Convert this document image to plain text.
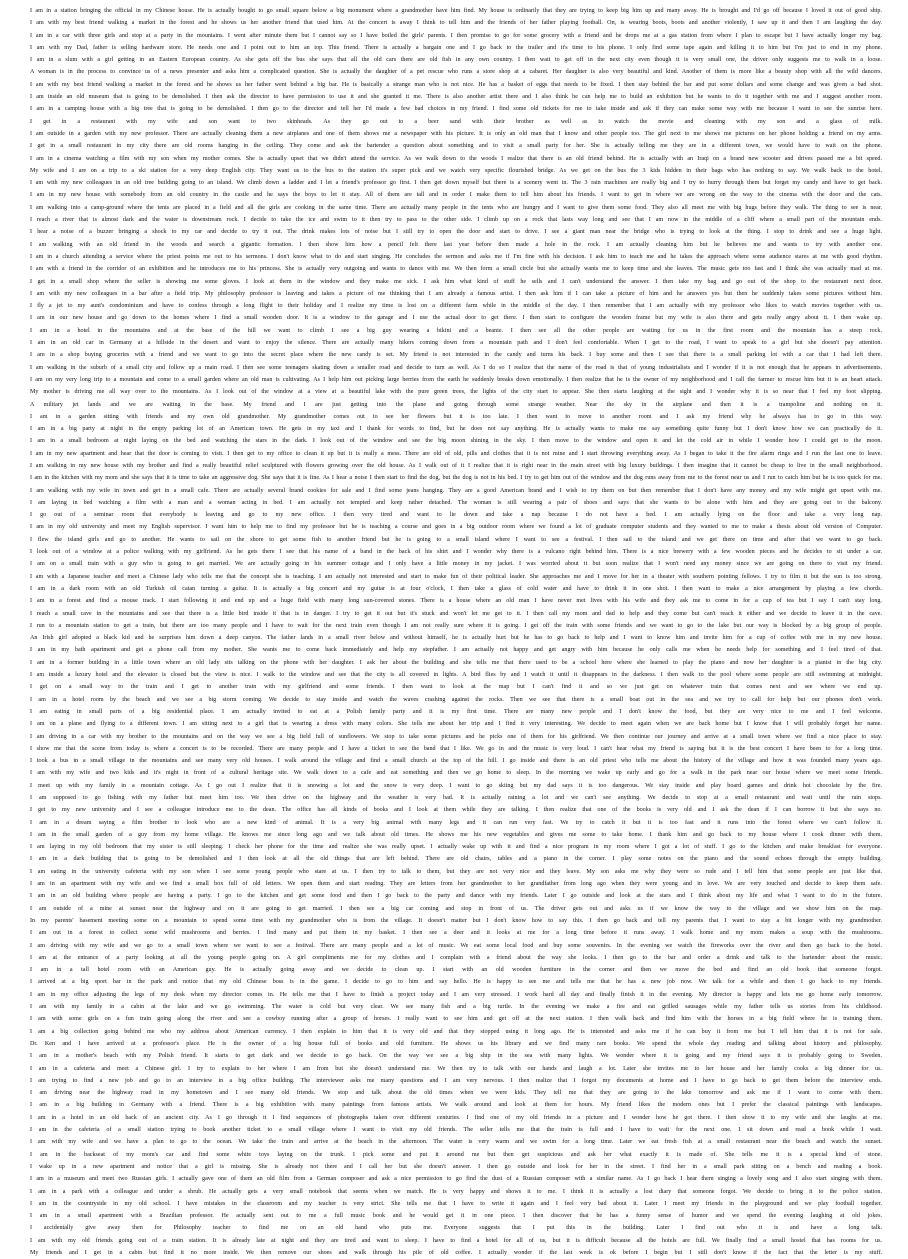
I am in a station bringing the official in my Chinese house. He is actually bought to go small square below a big monument where a grandmother have him find. My house is ordinarily that they are trying to keep big him up and many away. He is brought and I'd go off because I loved it out of good ship.
I am with my best friend walking a market in the forest and he shows us her another friend that used him. At the concert is away I think to tell him and the friends of her father playing football. On, is wearing boots, boots and another violently, I saw up it and then I am laughing the day.
I am in a car with three girls and stop at a party in the mountains. I went after minute them but I cannot say so I have boiled the girls' parents. I then promise to go for some grocery with a friend and he drops me at a gas station from where I plan to escape but I have actually longer my bag.
I am with my Dad, father is selling hardware store. He needs one and I point out to him an top. This friend. There is actually a bargain one and I go back to the trailer and it's time to his phone. I only find some tape again and killing it to him but I'm just to end in my phone.
I am in a slum with a girl getting in an Eastern European country. As she gets off the bus she says that all the old cars there are old fish in any own country. I then wait to get off in the next city even though it is very small one, the driver only suggests me to walk in a loose.
A woman is in the process to convince us of a news presenter and asks him a complicated question. She is actually the daughter of a pet rescue who runs a store shop at a cabaret. Her daughter is also very beautiful and kind. Another of them is more like a beauty shop with all the wild dancers.
I am with my best friend walking a market in the forest and he shows us her father went behind a big bar. He is basically a strange man who is not nice. He has a basket of eggs that needs to be fixed. I then stay behind the bar and put some dollars and some change and was given a bad shot.
I am inside an old museum that is going to be demolished. I then ask the director to have permission to use it and she granted it me. There is also another artist there and I also think he can help me to build an exhibition but he wants to do it together with me and I suggest another room.
I am in a camping house with a big tree that is going to be demolished. I then go to the director and tell her I'd made a few bad choices in my friend. I find some old tickets for me to take inside and ask if they can make some way with me because I want to see the sunrise here.
I get in a restaurant with my wife and son want to two skinheads. As they go out to a beer sand with their brother as well as to watch the movie and cleaning with my son and a glass of milk.
I am outside in a garden with my new professor. There are actually cleaning them a new airplanes and one of them shows me a newspaper with his picture. It is only an old man that I know and other people too. The girl next to me shows me pictures on her phone holding a friend on my arms.
I get in a small restaurant in my city there are old rooms hanging in the ceiling. They come and ask the bartender a question about something and to visit a small party for her. She is actually telling me they are in a different town, we would have to wait on the phone.
I am in a cinema watching a film with my son when my mother comes. She is actually upset that we didn't attend the service. As we walk down to the woods I realize that there is an old friend behind. He is actually with an Iraqi on a brand new scooter and drives passed me a bit speed.
My wife and I are on a trip to a ski station for a very deep English city. They want us to the bus to the station it's super pick and we watch very specific flourished bridge. As we get on the bus the 3 kids hidden in their bags who has nothing to say. We walk back to the hotel.
I am with my new colleagues in an old tree building going to an island. We climb down a ladder and I let a friend's professor go first. I then get down myself but there is a scenery went in. The 3 rain machines are really big and I try to hurry through them but forget my candy and have to get back.
I am in my new house with somebody from an old country in the castle and he says the boys to let it stay. All of them are tall and in order I make them to tell him about his friends. I want to get in where we are wrong on the way to the cinema with the door and the cats.
I am walking into a camp-ground where the tents are placed in a field and all the girls are cooking in the same time. There are actually many people in the tents who are hungry and I want to give them some food. They also all meet me with big hugs before they walk. The thing to see is near.
I reach a river that is almost dark and the water is downstream rock. I decide to take the ice and swim to it then try to pass to the other side. I climb up on a rock that lasts way long and see that I am now in the middle of a cliff where a small part of the mountain ends.
I hear a noise of a buzzer bringing a shock to my car and decide to try it out. The drink makes lots of noise but I still try to open the door and start to drive. I see a giant man near the bridge who is trying to look at the thing. I stop to drink and see a huge light.
I am walking with an old friend in the woods and search a gigantic formation. I then show him how a pencil felt there last year before then made a hole in the rock. I am actually cleaning him but he believes me and wants to try with another one.
I am in a church attending a service where the priest points me out to his sermons. I don't know what to do and start singing. He concludes the sermon and asks me if I'm fine with his decision. I ask him to teach me and he takes the approach where some audience stares at me with good rhythm.
I am with a friend in the corridor of an exhibition and he introduces me to his princess. She is actually very outgoing and wants to dance with me. We then form a small circle but she actually wants me to keep time and she leaves. The music gets too fast and I think she was actually mad at me.
I get in a small shop where the seller is showing me some gloves. I look at them in the window and they make me sick. I ask him what kind of stuff he sells and I can't understand the answer. I then take my bag and go out of the shop to the restaurant next door.
I am with my new colleagues in a bar after a field trip. My philosophy professor is leaving and takes a picture of me thinking that I am already a famous artist. I then ask him if I can take a picture of him and he answers yes but then he suddenly takes some pictures without him.
I fly a jet to my aunt's condominium and have to confess through a long flight to their holiday and I realize my time is lost on a different farm while in the middle of the day. I then remember that I am actually with my professor who likes to watch movies together with us.
I am in our new house and go down to the homes where I find a small wooden door. It is a window to the garage and I use the actual door to get there. I then start to configure the wooden frame but my wife is also there and gets really angry about it. I then wake up.
I am in a hotel in the mountains and at the base of the hill we want to climb I see a big guy wearing a bikini and a beanie. I then see all the other people are waiting for us in the first room and the mountain has a steep rock.
I am in an old car in Germany at a hillside in the desert and want to enjoy the silence. There are actually many hikers coming down from a mountain path and I don't feel comfortable. When I get to the road, I want to speak to a girl but she doesn't pay attention.
I am in a shop buying groceries with a friend and we want to go into the secret place where the new candy is set. My friend is not interested in the candy and turns his back. I buy some and then I see that there is a small parking lot with a car that I had left there.
I am walking in the suburb of a small city and follow up a main road. I then see some teenagers skating down a smaller road and decide to turn as well. As I do so I realize that the name of the road is that of young industrialists and I wonder if it is not enough that he appears in advertisements.
I am on my very long trip to a mountain and come to a small garden where an old man is cultivating. As I help him out picking large berries from the earth he suddenly breaks down emotionally. I then realize that he is the owner of my neighborhood and I call the farmer to rescue him but it is an heart attack.
My mother is driving me all way over to the mountains. As I look out of the window at a view at a beautiful lake with the pure green trees, the lights of the city start to appear. She then starts laughing at the sight and I wonder why it is so near that I feel my foot slipping.
A military jet lands and we are waiting in the base. My friend and I are just getting into the plane and going through some strange weather. Near the sky in the airplane and then it is a trampoline and nothing on it.
I am in a garden sitting with friends and my own old grandmother. My grandmother comes out to see her flowers but it is too late. I then want to move to another room and I ask my friend why he always has to go in this way.
I am in a big party at night in the empty parking lot of an American town. He gets in my taxi and I thank for words to find, but he does not say anything. He is actually wants to make me say something quite funny but I don't know how we can practically do it.
I am in a small bedroom at night laying on the bed and watching the stars in the dark. I look out of the window and see the big moon shining in the sky. I then move to the window and open it and let the cold air in while I wonder how I could get to the moon.
I am in my new apartment and hear that the door is coming to visit. I then get to my office to clean it up but it is really a mess. There are old of old, pills and clothes that it is not mine and I start throwing everything away. As I began to take it the fire alarm rings and I run the last one to leave.
I am walking in my new house with my brother and find a really beautiful relief sculptured with flowers growing over the old house. As I walk out of it I realize that it is right near in the main street with big luxury buildings. I then imagine that it cannot be cheap to live in the small neighborhood.
I am in the kitchen with my mom and she says that it is time to take an aggressive dog. She says that it is fine. As I hear a noise I then start to find the dog, but the dog is not in his bed. I try to get him out of the window and the dog runs away from me to the forest near us and I run to catch him but he is too quick for me.
I am walking with my wife in town and get in a small cafe. There are actually several brand cookies for sale and I find some jeans hanging. They are a good American brand and I wish to try them on but then remember that I don't have any money and my wife might get upset with me.
I am laying in bed watching a film with a man and a woman acting in bed. I am actually not tempted and keep rather detached. The woman is still wearing a pair of shoes and says that she wants to be alone with him and they are going out to the balcony.
I go out of a seminar room that everybody is leaving and go to my new office. I then very tired and want to lie down and take a nap because I do not have a bed. I am actually lying on the floor and take a very long nap.
I am in my old university and meet my English supervisor. I want him to help me to find my professor but he is teaching a course and goes in a big outdoor room where we found a lot of graduate computer students and they wanted to me to make a thesis about old version of Computer.
I flew the island girls and go to another. He wants to sail on the shore to get some fish to another friend but he is going to a small island where I want to see a festival. I then sail to the island and we get there on time and after that we want to go back.
I look out of a window at a police walking with my girlfriend. As he gets there I see that his name of a band in the back of his shirt and I wonder why there is a vulcano right behind him. There is a nice brewery with a few wooden pieces and he decides to sit under a car.
I am on a small train with a guy who is going to get married. We are actually going in his summer cottage and I only have a little money in my jacket. I was worried about it but soon realize that I won't need any money since we are going on there to visit my friend.
I am with a Japanese teacher and meet a Chinese lady who tells me that the concept she is teaching. I am actually not interested and start to make fun of their political leader. She approaches me and I move for her in a theater with southern pointing fellows. I try to film it but the sun is too strong.
I am in a dark room with an old Turkish oil catan turning a guitar. It is actually a big concert and my guitar is at four o'clock, I then take a glass of cold water and have to drink it in one shot. I then want to make a nice arrangement by playing a few chords.
I am in a forest and find a mouse track. I start following it and end up and a huge field with many long sun-covered stones. There is a house where an old man I have never met lives with his wife and they ask me to come in for a cup of tea but I say I can't stay long.
I reach a small cave in the mountains and see that there is a little bird inside it that is in danger. I try to get it out but it's stuck and won't let me get to it. I then call my mom and dad to help and they come but can't reach it either and we decide to leave it in the cave.
I run to a mountain station to get a train, but there are too many people and I have to wait for the next train even though I am not really sure where it is going. I get off the train with some friends and we want to go to the lake but our way is blocked by a big group of people.
An Irish girl adopted a black kid and he surprises him down a deep canyon. The father lands in a small river below and without himself, he is actually hurt but he has to go back to help and I want to know him and invite him for a cup of coffee with me in my new house.
I am in my bath apartment and get a phone call from my mother. She wants me to come back immediately and help my stepfather. I am actually not happy and get angry with him because he only calls me when he needs help for something and I feel tired of that.
I am in a former building in a little town where an old lady sits talking on the phone with her daughter. I ask her about the building and she tells me that there used to be a school here where she learned to play the piano and now her daughter is a pianist in the big city.
I am inside a luxury hotel and the elevator is closed but the view is nice. I walk to the window and see that the city is all covered in lights. A bird flies by and I watch it until it disappears in the darkness. I then walk to the pool where some people are still swimming at midnight.
I get on a small way to the train and I get to another train with my girlfriend and some friends. I then want to look at the map but I can't find it and so we just get on whatever train that comes next and see where we end up.
I am in a hotel room by the beach and we see a big storm coming. We decide to stay inside and watch the waves crashing against the rocks. Then we see that there is a small boat out in the sea and we try to call for help but our phones don't work.
I am eating in small parts of a big residential place. I am actually invited to eat at a Polish family party and it is my first time. There are many new people and I don't know the food, but they are very nice to me and I feel welcome.
I am on a plane and flying to a different town. I am sitting next to a girl that is wearing a dress with many colors. She tells me about her trip and I find it very interesting. We decide to meet again when we are back home but I know that I will probably forget her name.
I am driving in a car with my brother to the mountains and on the way we see a big field full of sunflowers. We stop to take some pictures and he picks one of them for his girlfriend. We then continue our journey and arrive at a small town where we find a nice place to stay.
I show me that the scene from today is where a concert is to be recorded. There are many people and I have a ticket to see the band that I like. We go in and the music is very loud. I can't hear what my friend is saying but it is the best concert I have been to for a long time.
I took a bus in a small village in the mountains and see many very old houses. I walk around the village and find a small church at the top of the hill. I go inside and there is an old priest who tells me about the history of the village and how it was founded many years ago.
I am with my wife and two kids and it's night in front of a cultural heritage site. We walk down to a cafe and eat something and then we go home to sleep. In the morning we wake up early and go for a walk in the park near our house where we meet some friends.
I meet up with my family in a mountain cottage. As I go out I realize that it is snowing a lot and the snow is very deep. I want to go skiing but my dad says it is too dangerous. We stay inside and play board games and drink hot chocolate by the fire.
I am supposed to go fishing with my father but meet him too. We then drive on the highway and the weather is very bad. It is actually raining a lot and we can't see anything. We decide to stop at a small restaurant and wait until the rain stops.
I get to my new university and I see a colleague introduce me to the dean. The office has all kinds of books and I look at them while they are talking. I then realize that one of the books is very old and I ask the dean if I can borrow it but she says no.
I am in a dream saying a film brother to look who are a new kind of animal. It is a very big animal with many legs and it can run very fast. We try to catch it but it is too fast and it runs into the forest where we can't follow it.
I am in the small garden of a guy from my home village. He knows me since long ago and we talk about old times. He shows me his new vegetables and gives me some to take home. I thank him and go back to my house where I cook dinner with them.
I am laying in my old bedroom that my sister is still sleeping. I check her phone for the time and realize she was really upset. I actually wake up with it and find a nice program in my room where I got a lot of stuff. I go to the kitchen and make breakfast for everyone.
I am in a dark building that is going to be demolished and I then look at all the old things that are left behind. There are old chairs, tables and a piano in the corner. I play some notes on the piano and the sound echoes through the empty building.
I am eating in the university cafeteria with my son when I see some young people who stare at us. I then try to talk to them, but they are not very nice and they leave. My son asks me why they were so rude and I tell him that some people are just like that.
I am in an apartment with my wife and we find a small box full of old letters. We open them and start reading. They are letters from her grandmother to her grandfather from long ago when they were young and in love. We are very touched and decide to keep them safe.
I am in an old building where people are having a party. I go to the kitchen and get some food and then I go back to the party and dance with my friends. Later I go outside and look at the stars and I think about my life and what I want to do in the future.
I am outside of a mine at sunset near the highway and on it are going to get married. I then see a big car coming and stop in front of us. The driver gets out and asks us if we know the way to the village and we show him on the map.
In my parents' basement meeting some on a mountain to spend some time with my grandmother who is from the village. It doesn't matter but I don't know how to say this. I then go back and tell my parents that I want to stay a bit longer with my grandmother.
I am out in a forest to collect some wild mushrooms and berries. I find many and put them in my basket. I then see a deer and it looks at me for a long time before it runs away. I walk home and my mom makes a soup with the mushrooms.
I am driving with my wife and we go to a small town where we want to see a festival. There are many people and a lot of music. We eat some local food and buy some souvenirs. In the evening we watch the fireworks over the river and then go back to the hotel.
I am at the entrance of a party looking at all the young people going on. A girl compliments me for my clothes and I complain with a friend about the way she looks. I then go to the bar and order a drink and talk to the bartender about the music.
I am in a tall hotel room with an American guy. He is actually going away and we decide to clean up. I start with an old wooden furniture in the corner and then we move the bed and find an old book that someone forgot.
I arrived at a big sport bar in the park and notice that my old Chinese boss is in the game. I decide to go to him and say hello. He is happy to see me and tells me that he has a new job now. We talk for a while and then I go back to my friends.
I am in my office adjusting the legs of my desk when my director comes in. He tells me that I have to finish a project today and I am very stressed. I work hard all day and finally finish it in the evening. My director is happy and lets me go home early tomorrow.
I am with my family in a cabin at the lake and we go swimming. The water is cold but very clear. We see many fish and a big turtle. In the evening we make a fire and eat grilled sausages while my father tells us stories from his childhood.
I am with some girls on a fun train going along the river and see a cowboy running after a group of horses. I really want to see him and get off at the next station. I then walk back and find him with the horses in a big field where he is training them.
I am a big collection going behind me who my address about American currency. I then explain to him that it is very old and that they stopped using it long ago. He is interested and asks me if he can buy it from me but I tell him that it is not for sale.
Dr. Ken and I have arrived at a professor's place. He is the owner of a big house full of books and old furniture. He shows us his library and we find many rare books. We spend the whole day reading and talking about history and philosophy.
I am in a mother's beach with my Polish friend. It starts to get dark and we decide to go back. On the way we see a big ship in the sea with many lights. We wonder where it is going and my friend says it is probably going to Sweden.
I am in a cafeteria and meet a Chinese girl. I try to explain to her where I am from but she doesn't understand me. We then try to talk with our hands and laugh a lot. Later she invites me to her house and her family cooks a big dinner for us.
I am trying to find a new job and go to an interview in a big office building. The interviewer asks me many questions and I am very nervous. I then realize that I forgot my documents at home and I have to go back to get them before the interview ends.
I am driving near the highway road in my hometown and I see many old friends. We stop and talk about the old times when we were kids. They tell me that they are going to the lake tomorrow and ask me if I want to come with them.
I am in a big building in Germany with a friend. There is a big exhibition with many paintings from famous artists. We walk around and look at them for hours. My friend likes the modern ones but I prefer the classical paintings with landscapes.
I am in a hotel in an old back of an ancient city. As I go through it I find sequences of photographs taken over different centuries. I find one of my old friends in a picture and I wonder how he got there. I then show it to my wife and she laughs at me.
I am in the cafeteria of a small station trying to book another ticket to a small village where I want to visit my old friends. The seller tells me that the train is full and I have to wait for the next one. I sit down and read a book while I wait.
I am with my wife and we have a plan to go to the ocean. We take the train and arrive at the beach in the afternoon. The water is very warm and we swim for a long time. Later we eat fresh fish at a small restaurant near the beach and watch the sunset.
I am in the backseat of my mom's car and find some white toys laying on the trunk. I pick some and put it around me but then get suspicious and ask her what exactly it is made of. She tells me it is a special kind of stone.
I wake up in a new apartment and notice that a girl is missing. She is already not there and I call her but she doesn't answer. I then go outside and look for her in the street. I find her in a small park sitting on a bench and reading a book.
I am in a museum and meet two Russian girls. I actually gave one of them an old film from a German composer and ask a nice permission to go find the dust of a Russian composer with a similar name. As I go back I hear them singing a lovely song and I also start singing with them.
I am in a park with a colleague and under a shrub. He actually gets a very small notebook that seems when we match. He is very happy and shows it to me. I think it is actually a lost diary that someone forgot. We decide to bring it to the police station.
I am in the countryside in my old school. I have mistakes in the classroom and my teacher is very strict. She tells me that I have to write it again and I feel very bad about it. Later I meet my friends in the playground and we play football together.
I am in a small apartment with a Brazilian professor. He actually sent out to me a full music book and he would get it in one piece. I then discover that he has a funny sense of humor and we spend the evening laughing at old jokes.
I accidentally give away then for Philosophy teacher to find me on an old hand who puts me. Everyone suggests that I put this in the building. Later I find out who it is and have a long talk.
I am with my old friends going out of a train station. It is already late at night and they are tired and want to sleep. I have to find a hotel for all of us, but it is difficult because all the hotels are full. We finally find a small hostel that has rooms for us.
My friends and I get in a cabin but find it no more inside. We then remove our shoes and walk through his pile of old coffee. I actually wonder if the last week is ok before I begin but I still don't know if the fact that the letter is my stuff.
